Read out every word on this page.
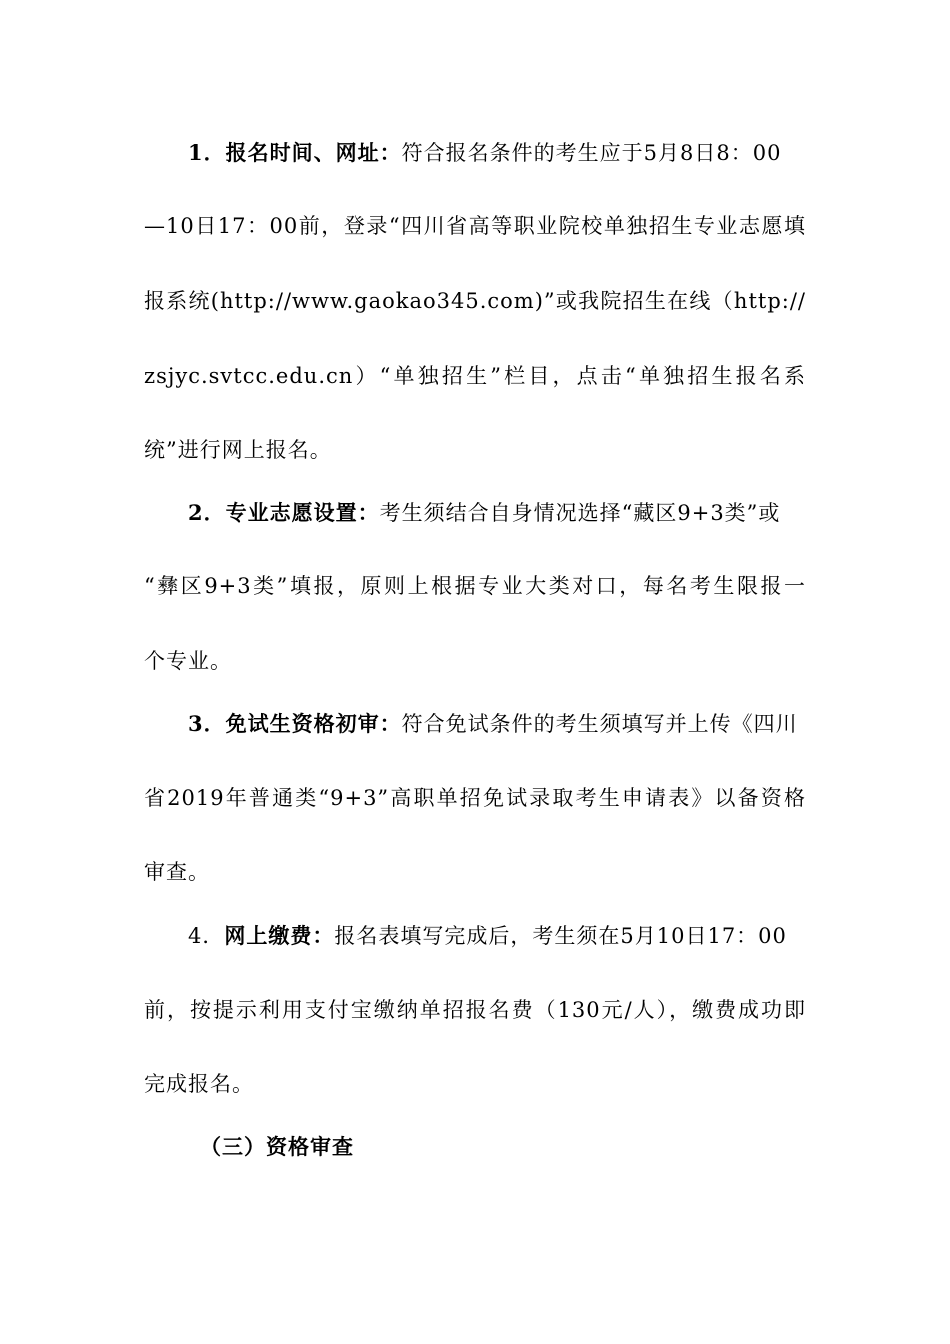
1．报名时间、网址：符合报名条件的考生应于5月8日8：00
—10日17：00前，登录“四川省高等职业院校单独招生专业志愿填
报系统(http://www.gaokao345.com)”或我院招生在线（http://
zsjyc.svtcc.edu.cn）“单独招生”栏目，点击“单独招生报名系
统”进行网上报名。
2．专业志愿设置：考生须结合自身情况选择“藏区9+3类”或
“彝区9+3类”填报，原则上根据专业大类对口，每名考生限报一
个专业。
3．免试生资格初审：符合免试条件的考生须填写并上传《四川
省2019年普通类“9+3”高职单招免试录取考生申请表》以备资格
审查。
4．网上缴费：报名表填写完成后，考生须在5月10日17：00
前，按提示利用支付宝缴纳单招报名费（130元/人），缴费成功即
完成报名。
（三）资格审查
